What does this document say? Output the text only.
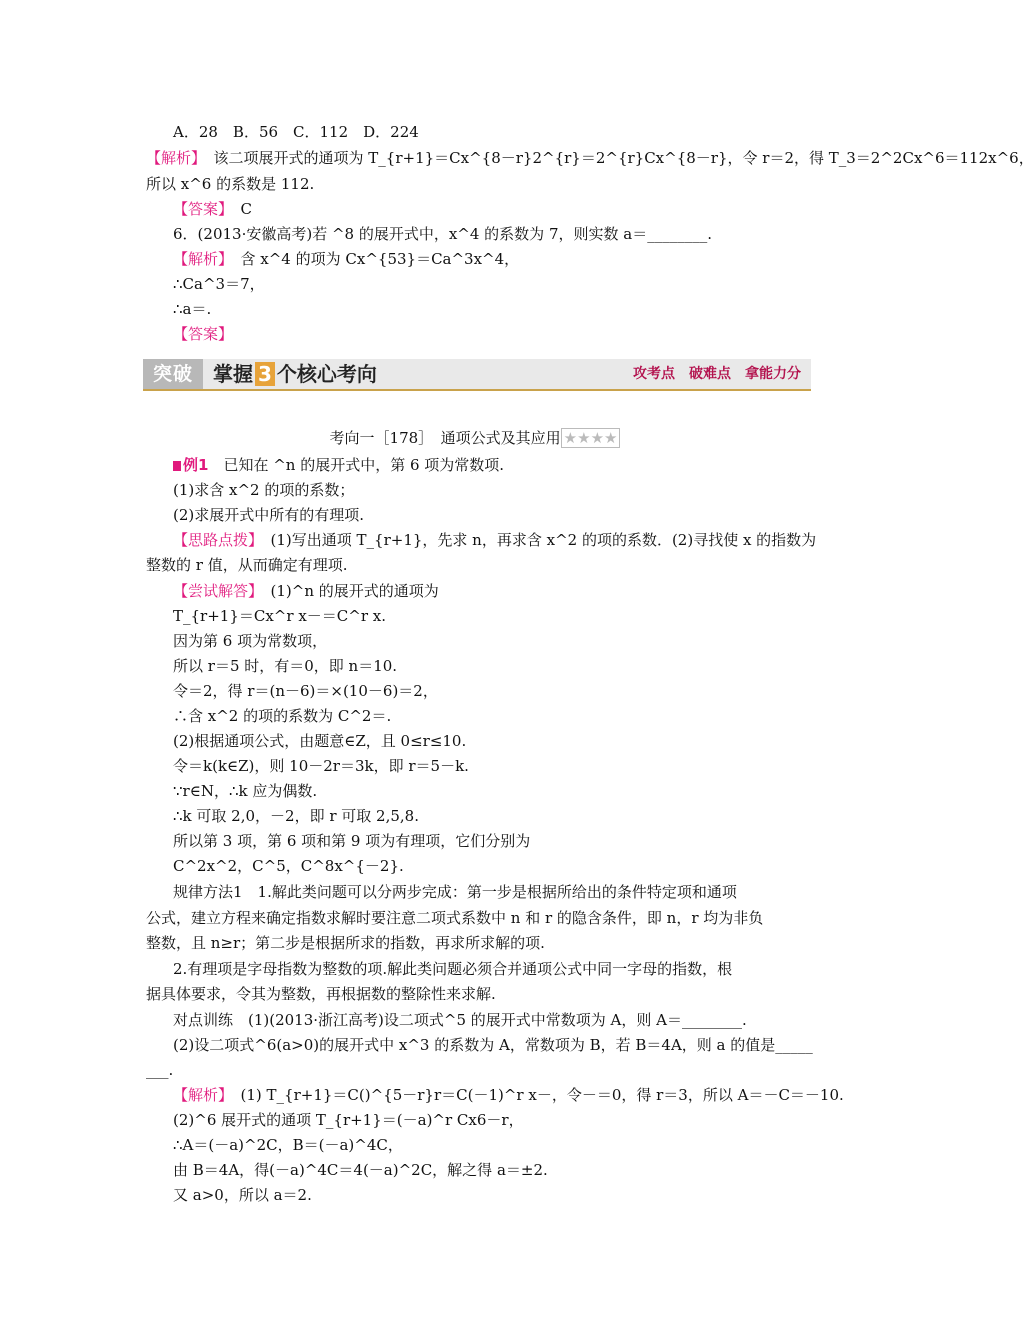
A．28　B．56　C．112　D．224
【解析】　该二项展开式的通项为 T_{r+1}＝Cx^{8－r}2^{r}＝2^{r}Cx^{8－r}，令 r＝2，得 T_3＝2^2Cx^6＝112x^6，
所以 x^6 的系数是 112.
【答案】　C
6．(2013·安徽高考)若 ^8 的展开式中，x^4 的系数为 7，则实数 a＝________.
【解析】　含 x^4 的项为 Cx^{53}＝Ca^3x^4，
∴Ca^3＝7，
∴a＝.
【答案】
突破	掌握 3 个核心考向	攻考点　破难点　拿能力分
考向一［178］　通项公式及其应用 ★★★★
例1　已知在 ^n 的展开式中，第 6 项为常数项.
(1)求含 x^2 的项的系数；
(2)求展开式中所有的有理项.
【思路点拨】　(1)写出通项 T_{r+1}，先求 n，再求含 x^2 的项的系数．(2)寻找使 x 的指数为
整数的 r 值，从而确定有理项.
【尝试解答】　(1)^n 的展开式的通项为
T_{r+1}＝Cx^r x－＝C^r x.
因为第 6 项为常数项，
所以 r＝5 时，有＝0，即 n＝10.
令＝2，得 r＝(n－6)＝×(10－6)＝2，
∴含 x^2 的项的系数为 C^2＝.
(2)根据通项公式，由题意∈Z，且 0≤r≤10.
令＝k(k∈Z)，则 10－2r＝3k，即 r＝5－k.
∵r∈N，∴k 应为偶数.
∴k 可取 2,0，－2，即 r 可取 2,5,8.
所以第 3 项，第 6 项和第 9 项为有理项，它们分别为
C^2x^2，C^5，C^8x^{－2}.
规律方法1　1.解此类问题可以分两步完成：第一步是根据所给出的条件特定项和通项
公式，建立方程来确定指数求解时要注意二项式系数中 n 和 r 的隐含条件，即 n，r 均为非负
整数，且 n≥r；第二步是根据所求的指数，再求所求解的项.
2.有理项是字母指数为整数的项.解此类问题必须合并通项公式中同一字母的指数，根
据具体要求，令其为整数，再根据数的整除性来求解.
对点训练　(1)(2013·浙江高考)设二项式^5 的展开式中常数项为 A，则 A＝________.
(2)设二项式^6(a>0)的展开式中 x^3 的系数为 A，常数项为 B，若 B＝4A，则 a 的值是_____
___.
【解析】　(1) T_{r+1}＝C()^{5－r}r＝C(－1)^r x－，令－＝0，得 r＝3，所以 A＝－C＝－10.
(2)^6 展开式的通项 T_{r+1}＝(－a)^r Cx6－r，
∴A＝(－a)^2C，B＝(－a)^4C，
由 B＝4A，得(－a)^4C＝4(－a)^2C，解之得 a＝±2.
又 a>0，所以 a＝2.
